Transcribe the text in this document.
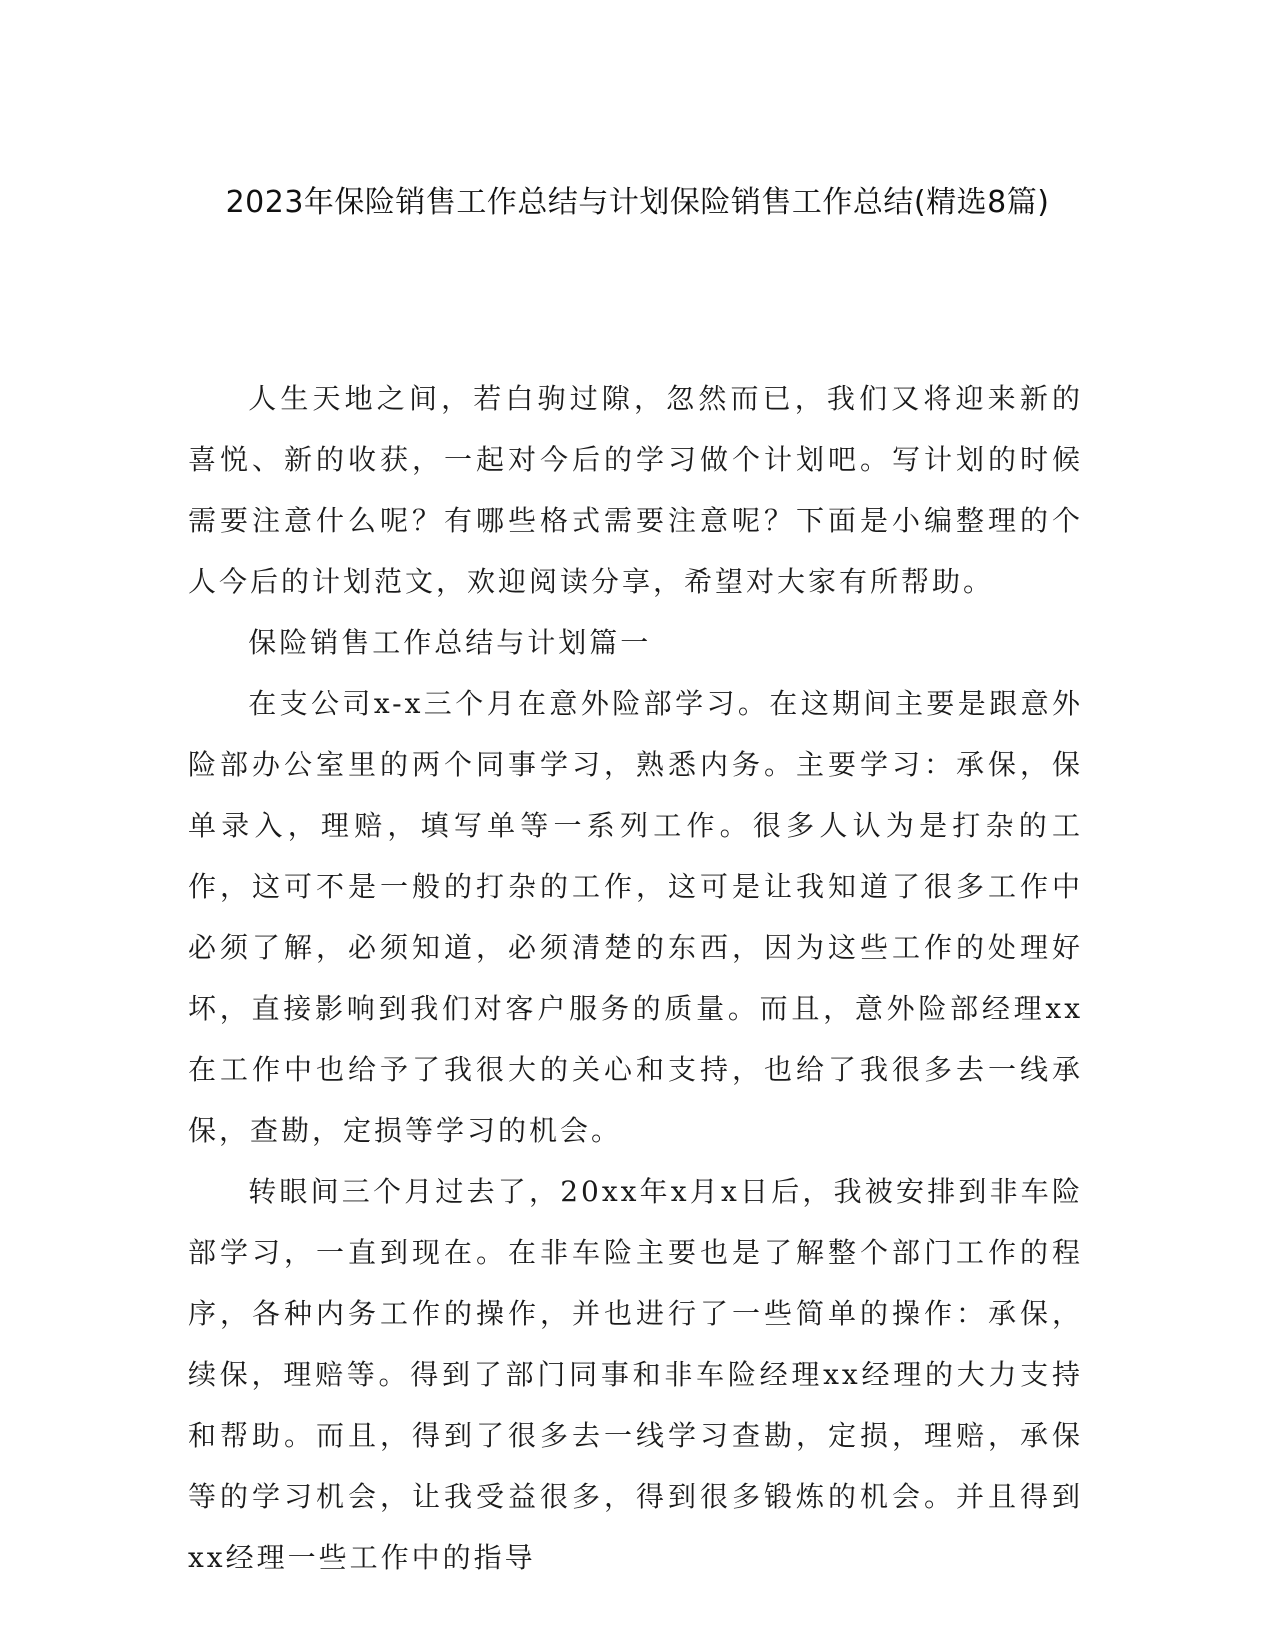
2023年保险销售工作总结与计划保险销售工作总结(精选8篇)

人生天地之间，若白驹过隙，忽然而已，我们又将迎来新的喜悦、新的收获，一起对今后的学习做个计划吧。写计划的时候需要注意什么呢？有哪些格式需要注意呢？下面是小编整理的个人今后的计划范文，欢迎阅读分享，希望对大家有所帮助。

保险销售工作总结与计划篇一

在支公司x-x三个月在意外险部学习。在这期间主要是跟意外险部办公室里的两个同事学习，熟悉内务。主要学习：承保，保单录入，理赔，填写单等一系列工作。很多人认为是打杂的工作，这可不是一般的打杂的工作，这可是让我知道了很多工作中必须了解，必须知道，必须清楚的东西，因为这些工作的处理好坏，直接影响到我们对客户服务的质量。而且，意外险部经理xx在工作中也给予了我很大的关心和支持，也给了我很多去一线承保，查勘，定损等学习的机会。

转眼间三个月过去了，20xx年x月x日后，我被安排到非车险部学习，一直到现在。在非车险主要也是了解整个部门工作的程序，各种内务工作的操作，并也进行了一些简单的操作：承保，续保，理赔等。得到了部门同事和非车险经理xx经理的大力支持和帮助。而且，得到了很多去一线学习查勘，定损，理赔，承保等的学习机会，让我受益很多，得到很多锻炼的机会。并且得到xx经理一些工作中的指导
